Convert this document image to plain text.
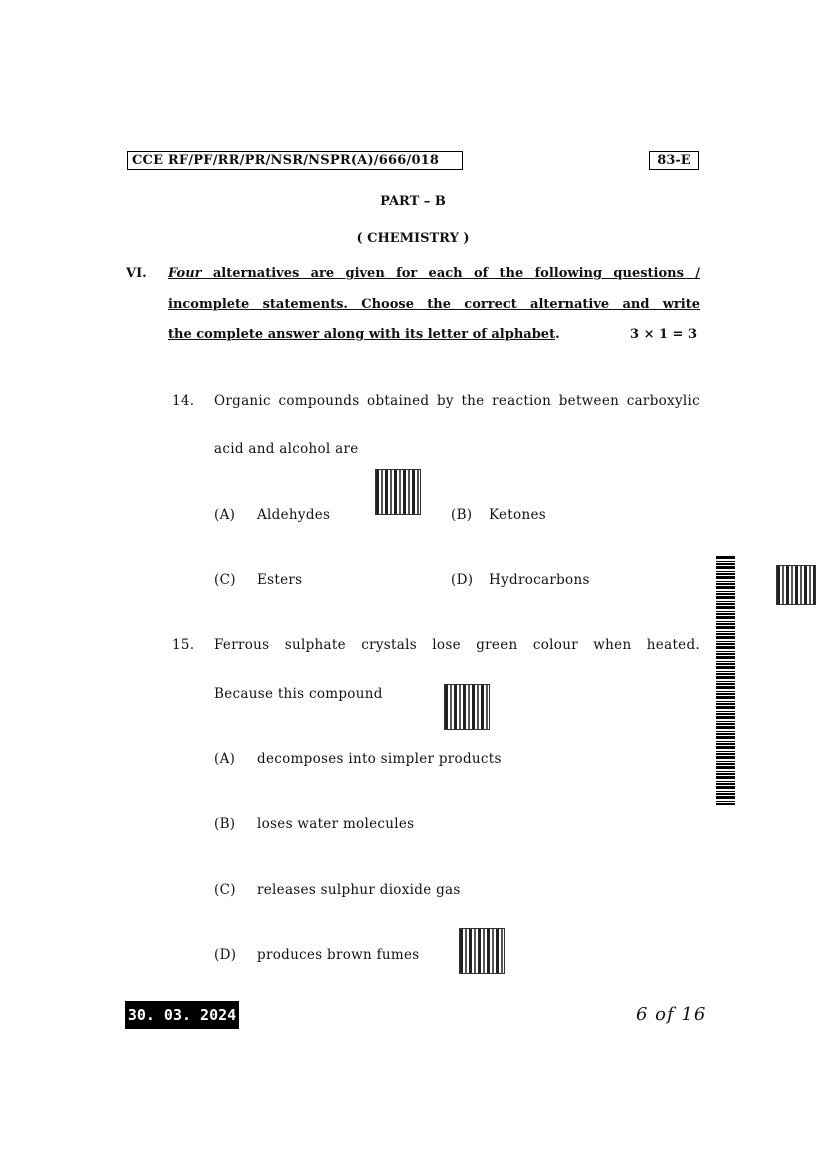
CCE RF/PF/RR/PR/NSR/NSPR(A)/666/018	83-E
PART – B
( CHEMISTRY )
VI. Four alternatives are given for each of the following questions /
incomplete statements. Choose the correct alternative and write
the complete answer along with its letter of alphabet.	3 × 1 = 3
14. Organic compounds obtained by the reaction between carboxylic
acid and alcohol are
(A) Aldehydes	(B) Ketones
(C) Esters	(D) Hydrocarbons
15. Ferrous sulphate crystals lose green colour when heated.
Because this compound
(A) decomposes into simpler products
(B) loses water molecules
(C) releases sulphur dioxide gas
(D) produces brown fumes
30. 03. 2024	6 of 16
